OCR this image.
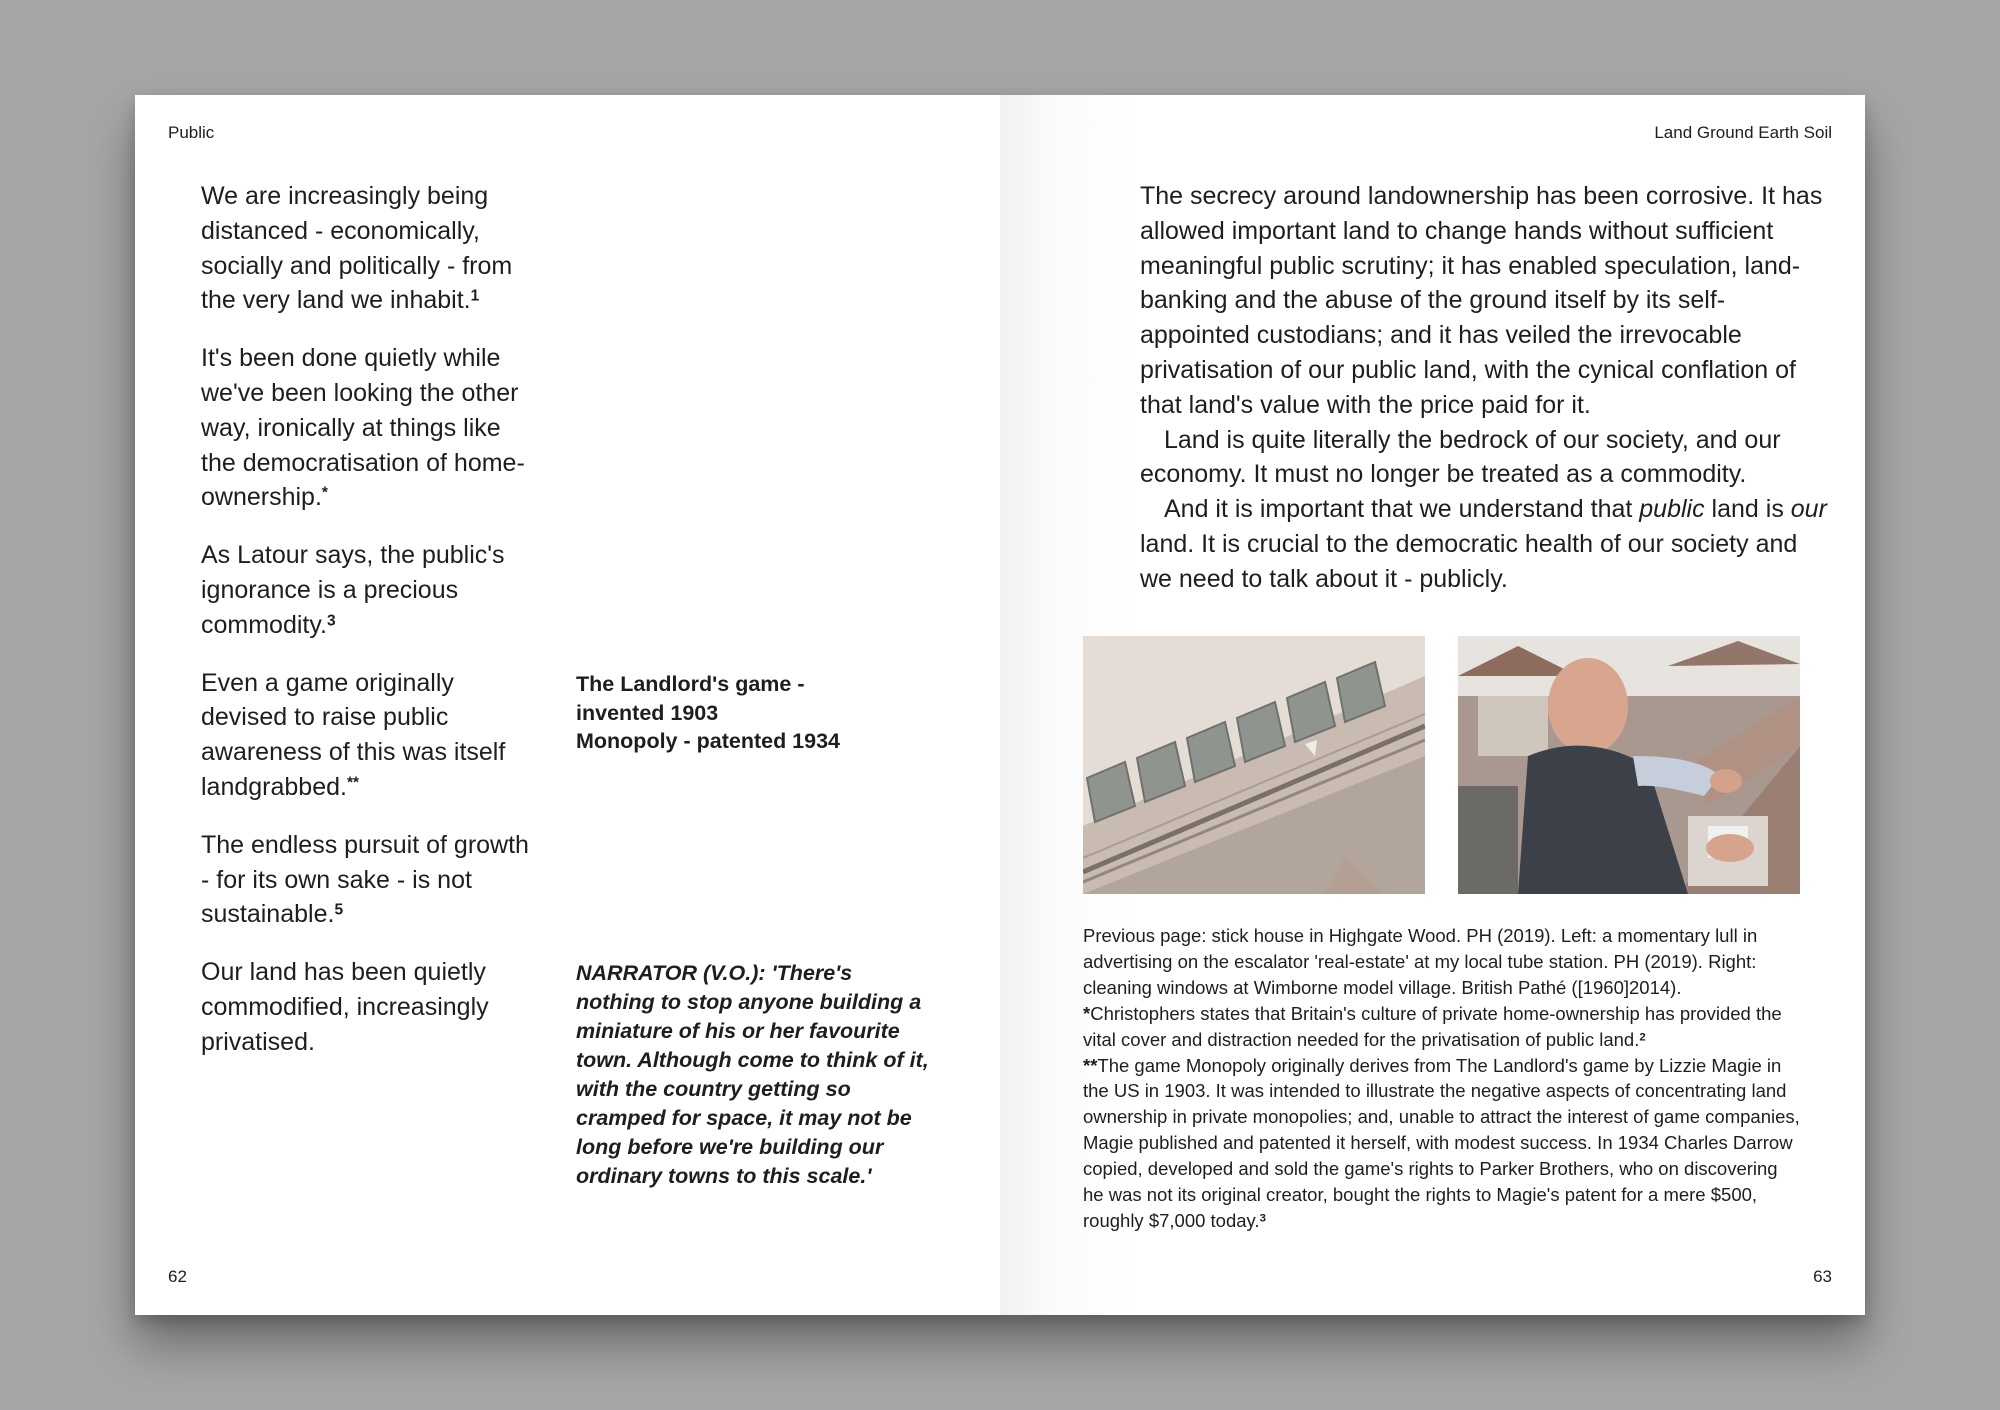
Public

We are increasingly being distanced - economically, socially and politically - from the very land we inhabit.$^1$

It's been done quietly while we've been looking the other way, ironically at things like the democratisation of home-ownership.*

As Latour says, the public's ignorance is a precious commodity.$^3$

Even a game originally devised to raise public awareness of this was itself landgrabbed.**

The endless pursuit of growth - for its own sake - is not sustainable.$^5$

Our land has been quietly commodified, increasingly privatised.

The Landlord's game -
invented 1903
Monopoly - patented 1934
NARRATOR (V.O.): 'There's nothing to stop anyone building a miniature of his or her favourite town. Although come to think of it, with the country getting so cramped for space, it may not be long before we're building our ordinary towns to this scale.'
62
Land Ground Earth Soil

The secrecy around landownership has been corrosive. It has allowed important land to change hands without sufficient meaningful public scrutiny; it has enabled speculation, land-banking and the abuse of the ground itself by its self-appointed custodians; and it has veiled the irrevocable privatisation of our public land, with the cynical conflation of that land's value with the price paid for it.

Land is quite literally the bedrock of our society, and our economy. It must no longer be treated as a commodity.

And it is important that we understand that public land is our land. It is crucial to the democratic health of our society and we need to talk about it - publicly.

Previous page: stick house in Highgate Wood. PH (2019). Left: a momentary lull in advertising on the escalator 'real-estate' at my local tube station. PH (2019). Right: cleaning windows at Wimborne model village. British Pathé ([1960]2014).

*Christophers states that Britain's culture of private home-ownership has provided the vital cover and distraction needed for the privatisation of public land.$^2$

**The game Monopoly originally derives from The Landlord's game by Lizzie Magie in the US in 1903. It was intended to illustrate the negative aspects of concentrating land ownership in private monopolies; and, unable to attract the interest of game companies, Magie published and patented it herself, with modest success. In 1934 Charles Darrow copied, developed and sold the game's rights to Parker Brothers, who on discovering he was not its original creator, bought the rights to Magie's patent for a mere $500, roughly $7,000 today.$^3$

63
